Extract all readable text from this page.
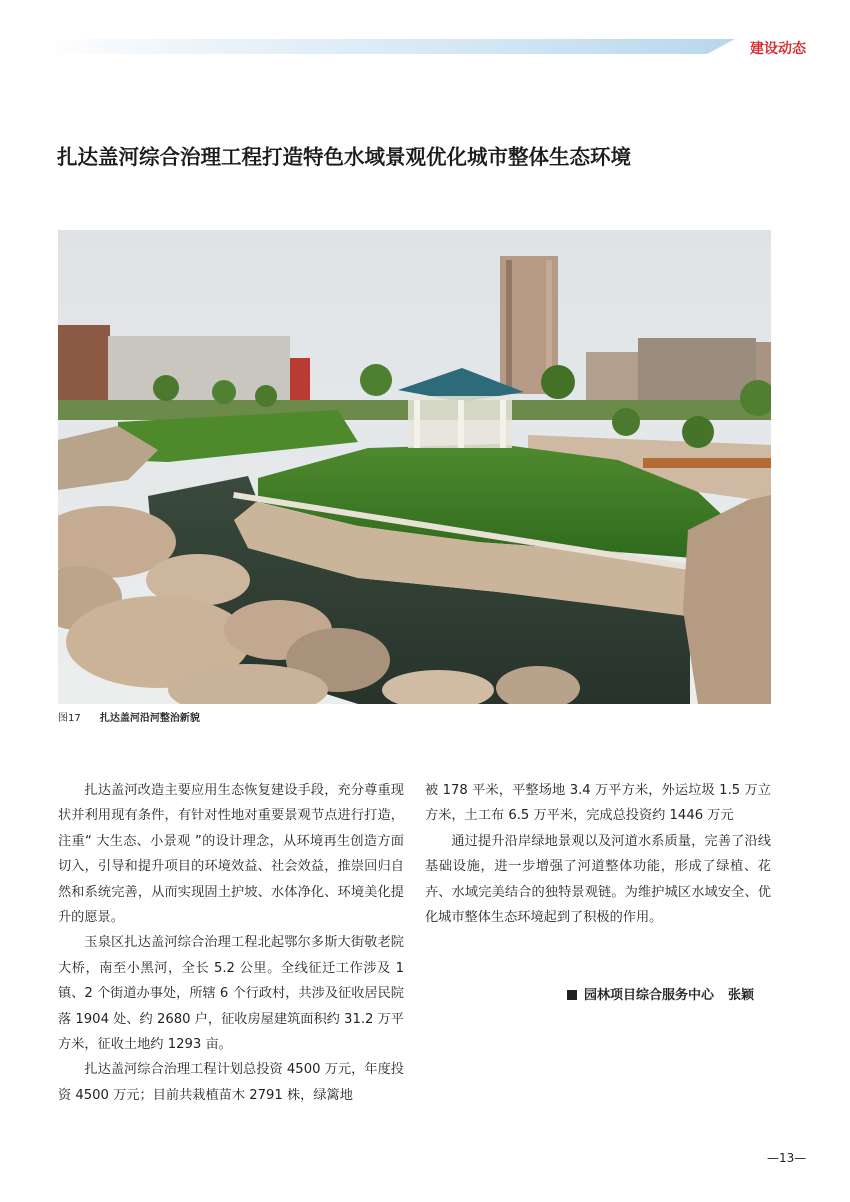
建设动态
扎达盖河综合治理工程打造特色水域景观优化城市整体生态环境
图17 扎达盖河沿河整治新貌

扎达盖河改造主要应用生态恢复建设手段，充分尊重现状并利用现有条件，有针对性地对重要景观节点进行打造，注重“ 大生态、小景观 ”的设计理念，从环境再生创造方面切入，引导和提升项目的环境效益、社会效益，推崇回归自然和系统完善，从而实现固土护坡、水体净化、环境美化提升的愿景。

玉泉区扎达盖河综合治理工程北起鄂尔多斯大街敬老院大桥，南至小黑河，全长 5.2 公里。全线征迁工作涉及 1 镇、2 个街道办事处，所辖 6 个行政村，共涉及征收居民院落 1904 处、约 2680 户，征收房屋建筑面积约 31.2 万平方米，征收土地约 1293 亩。

扎达盖河综合治理工程计划总投资 4500 万元，年度投资 4500 万元；目前共栽植苗木 2791 株，绿篱地

被 178 平米，平整场地 3.4 万平方米，外运垃圾 1.5 万立方米，土工布 6.5 万平米，完成总投资约 1446 万元

通过提升沿岸绿地景观以及河道水系质量，完善了沿线基础设施，进一步增强了河道整体功能，形成了绿植、花卉、水域完美结合的独特景观链。为维护城区水域安全、优化城市整体生态环境起到了积极的作用。

园林项目综合服务中心 张颖
—13—
